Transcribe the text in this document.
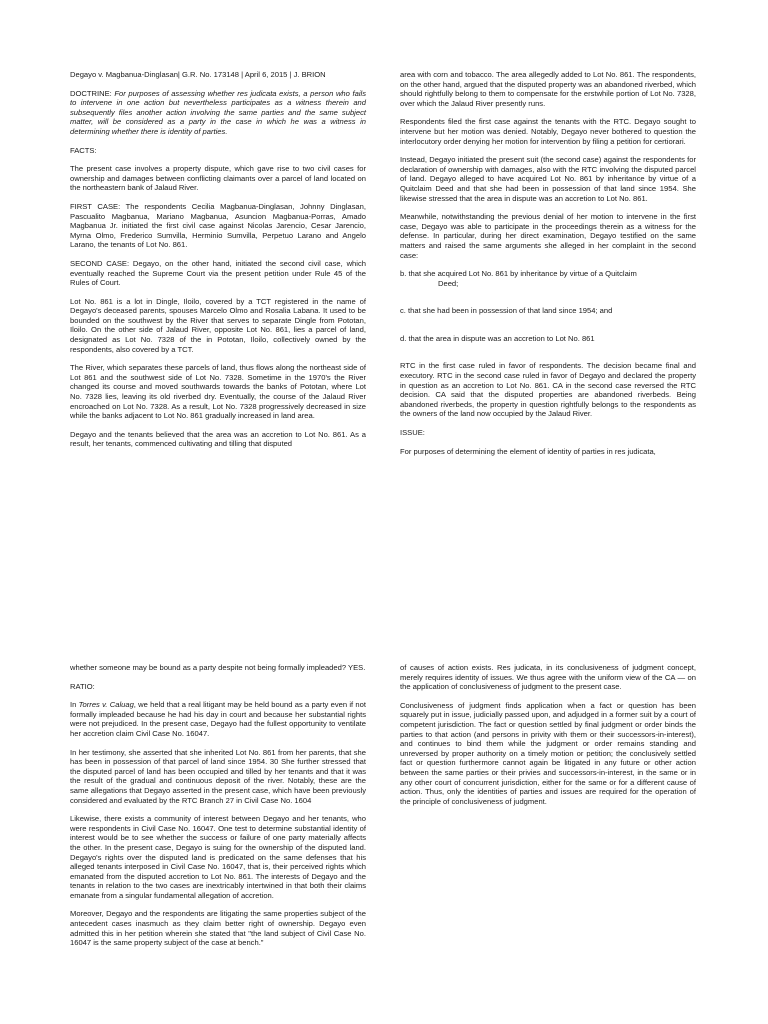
Degayo v. Magbanua-Dinglasan| G.R. No. 173148 | April 6, 2015 | J. BRION

DOCTRINE: For purposes of assessing whether res judicata exists, a person who fails to intervene in one action but nevertheless participates as a witness therein and subsequently files another action involving the same parties and the same subject matter, will be considered as a party in the case in which he was a witness in determining whether there is identity of parties.

FACTS:

The present case involves a property dispute, which gave rise to two civil cases for ownership and damages between conflicting claimants over a parcel of land located on the northeastern bank of Jalaud River.

FIRST CASE: The respondents Cecilia Magbanua-Dinglasan, Johnny Dinglasan, Pascualito Magbanua, Mariano Magbanua, Asuncion Magbanua-Porras, Amado Magbanua Jr. initiated the first civil case against Nicolas Jarencio, Cesar Jarencio, Myrna Olmo, Frederico Sumvilla, Herminio Sumvilla, Perpetuo Larano and Angelo Larano, the tenants of Lot No. 861.

SECOND CASE: Degayo, on the other hand, initiated the second civil case, which eventually reached the Supreme Court via the present petition under Rule 45 of the Rules of Court.

Lot No. 861 is a lot in Dingle, Iloilo, covered by a TCT registered in the name of Degayo's deceased parents, spouses Marcelo Olmo and Rosalia Labana. It used to be bounded on the southwest by the River that serves to separate Dingle from Pototan, Iloilo. On the other side of Jalaud River, opposite Lot No. 861, lies a parcel of land, designated as Lot No. 7328 of the in Pototan, Iloilo, collectively owned by the respondents, also covered by a TCT.

The River, which separates these parcels of land, thus flows along the northeast side of Lot 861 and the southwest side of Lot No. 7328. Sometime in the 1970's the River changed its course and moved southwards towards the banks of Pototan, where Lot No. 7328 lies, leaving its old riverbed dry. Eventually, the course of the Jalaud River encroached on Lot No. 7328. As a result, Lot No. 7328 progressively decreased in size while the banks adjacent to Lot No. 861 gradually increased in land area.

Degayo and the tenants believed that the area was an accretion to Lot No. 861. As a result, her tenants, commenced cultivating and tilling that disputed

area with corn and tobacco. The area allegedly added to Lot No. 861. The respondents, on the other hand, argued that the disputed property was an abandoned riverbed, which should rightfully belong to them to compensate for the erstwhile portion of Lot No. 7328, over which the Jalaud River presently runs.

Respondents filed the first case against the tenants with the RTC. Degayo sought to intervene but her motion was denied. Notably, Degayo never bothered to question the interlocutory order denying her motion for intervention by filing a petition for certiorari.

Instead, Degayo initiated the present suit (the second case) against the respondents for declaration of ownership with damages, also with the RTC involving the disputed parcel of land. Degayo alleged to have acquired Lot No. 861 by inheritance by virtue of a Quitclaim Deed and that she had been in possession of that land since 1954. She likewise stressed that the area in dispute was an accretion to Lot No. 861.

Meanwhile, notwithstanding the previous denial of her motion to intervene in the first case, Degayo was able to participate in the proceedings therein as a witness for the defense. In particular, during her direct examination, Degayo testified on the same matters and raised the same arguments she alleged in her complaint in the second case:

b. that she acquired Lot No. 861 by inheritance by virtue of a Quitclaim
Deed;

c. that she had been in possession of that land since 1954; and

d. that the area in dispute was an accretion to Lot No. 861

RTC in the first case ruled in favor of respondents. The decision became final and executory. RTC in the second case ruled in favor of Degayo and declared the property in question as an accretion to Lot No. 861. CA in the second case reversed the RTC decision. CA said that the disputed properties are abandoned riverbeds. Being abandoned riverbeds, the property in question rightfully belongs to the respondents as the owners of the land now occupied by the Jalaud River.

ISSUE:

For purposes of determining the element of identity of parties in res judicata,

whether someone may be bound as a party despite not being formally impleaded? YES.

RATIO:

In Torres v. Caluag, we held that a real litigant may be held bound as a party even if not formally impleaded because he had his day in court and because her substantial rights were not prejudiced. In the present case, Degayo had the fullest opportunity to ventilate her accretion claim Civil Case No. 16047.

In her testimony, she asserted that she inherited Lot No. 861 from her parents, that she has been in possession of that parcel of land since 1954. 30 She further stressed that the disputed parcel of land has been occupied and tilled by her tenants and that it was the result of the gradual and continuous deposit of the river. Notably, these are the same allegations that Degayo asserted in the present case, which have been previously considered and evaluated by the RTC Branch 27 in Civil Case No. 1604

Likewise, there exists a community of interest between Degayo and her tenants, who were respondents in Civil Case No. 16047. One test to determine substantial identity of interest would be to see whether the success or failure of one party materially affects the other. In the present case, Degayo is suing for the ownership of the disputed land. Degayo's rights over the disputed land is predicated on the same defenses that his alleged tenants interposed in Civil Case No. 16047, that is, their perceived rights which emanated from the disputed accretion to Lot No. 861. The interests of Degayo and the tenants in relation to the two cases are inextricably intertwined in that both their claims emanate from a singular fundamental allegation of accretion.

Moreover, Degayo and the respondents are litigating the same properties subject of the antecedent cases inasmuch as they claim better right of ownership. Degayo even admitted this in her petition wherein she stated that "the land subject of Civil Case No. 16047 is the same property subject of the case at bench."

of causes of action exists. Res judicata, in its conclusiveness of judgment concept, merely requires identity of issues. We thus agree with the uniform view of the CA — on the application of conclusiveness of judgment to the present case.

Conclusiveness of judgment finds application when a fact or question has been squarely put in issue, judicially passed upon, and adjudged in a former suit by a court of competent jurisdiction. The fact or question settled by final judgment or order binds the parties to that action (and persons in privity with them or their successors-in-interest), and continues to bind them while the judgment or order remains standing and unreversed by proper authority on a timely motion or petition; the conclusively settled fact or question furthermore cannot again be litigated in any future or other action between the same parties or their privies and successors-in-interest, in the same or in any other court of concurrent jurisdiction, either for the same or for a different cause of action. Thus, only the identities of parties and issues are required for the operation of the principle of conclusiveness of judgment.
